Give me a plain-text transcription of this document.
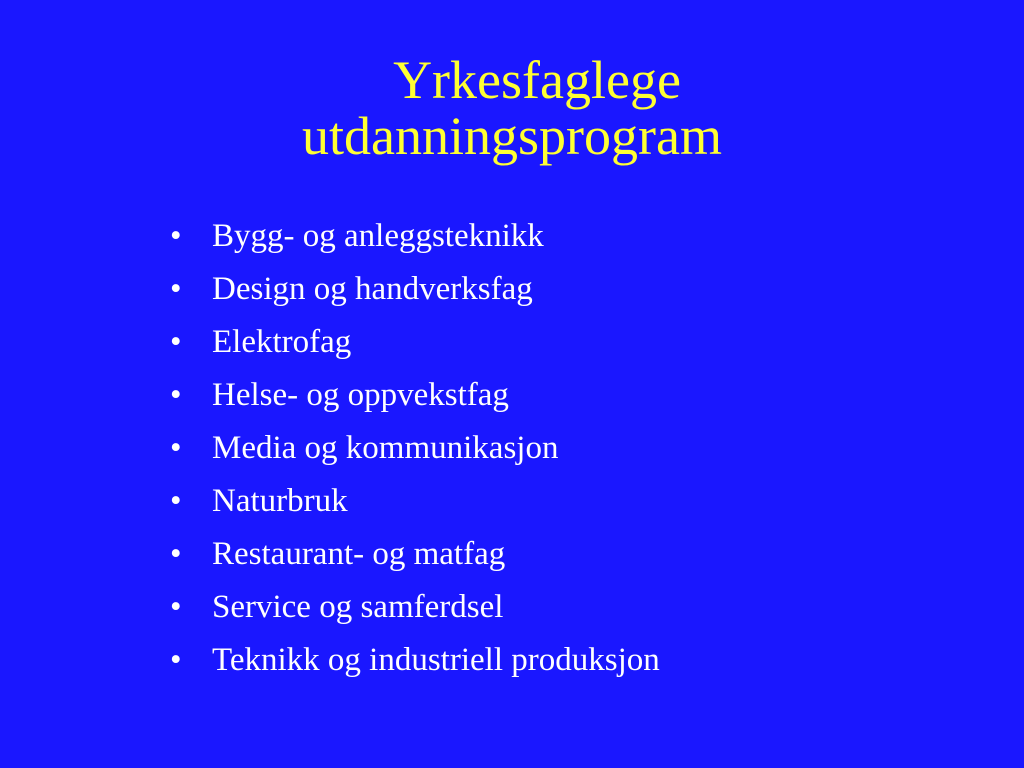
Yrkesfaglege
utdanningsprogram
• Bygg- og anleggsteknikk
• Design og handverksfag
• Elektrofag
• Helse- og oppvekstfag
• Media og kommunikasjon
• Naturbruk
• Restaurant- og matfag
• Service og samferdsel
• Teknikk og industriell produksjon
